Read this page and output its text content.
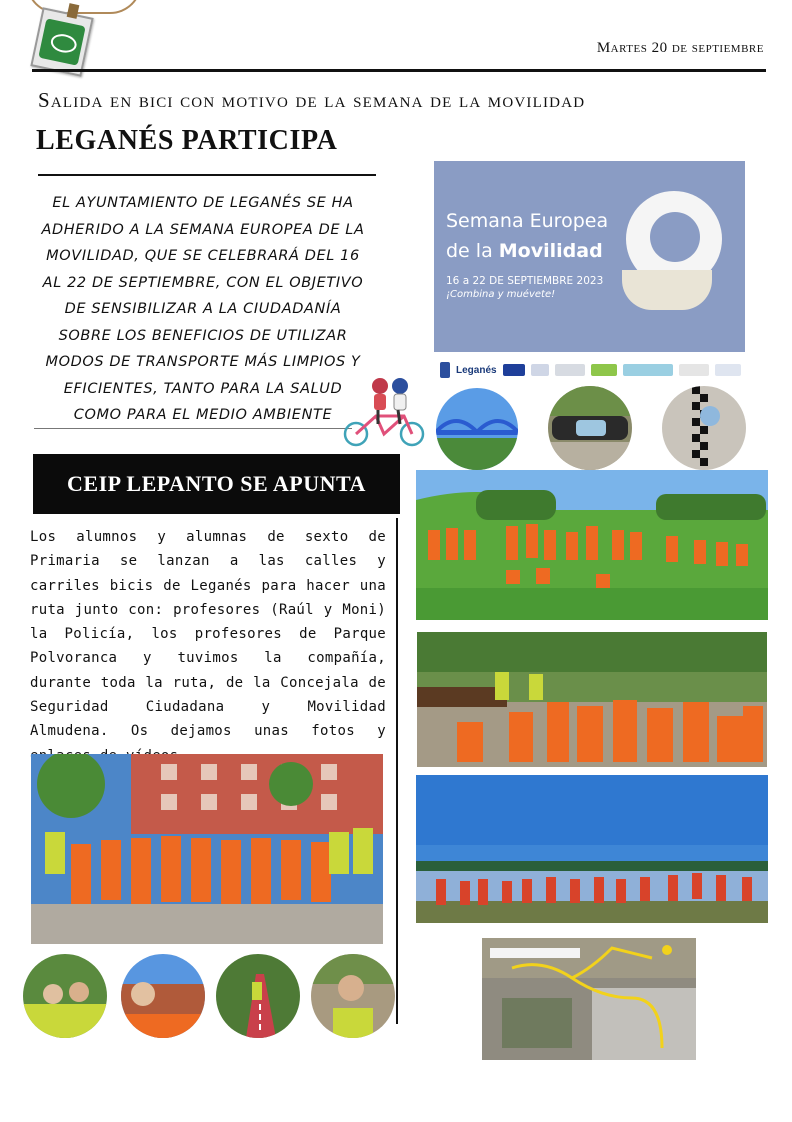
Martes 20 de septiembre
Salida en bici con motivo de la semana de la movilidad
LEGANÉS PARTICIPA
EL AYUNTAMIENTO DE LEGANÉS SE HA ADHERIDO A LA SEMANA EUROPEA DE LA MOVILIDAD, QUE SE CELEBRARÁ DEL 16 AL 22 DE SEPTIEMBRE, CON EL OBJETIVO DE SENSIBILIZAR A LA CIUDADANÍA SOBRE LOS BENEFICIOS DE UTILIZAR MODOS DE TRANSPORTE MÁS LIMPIOS Y EFICIENTES, TANTO PARA LA SALUD COMO PARA EL MEDIO AMBIENTE
Semana Europea
de la Movilidad
16 a 22 DE SEPTIEMBRE 2023
¡Combina y muévete!
Leganés
CEIP LEPANTO SE APUNTA
Los alumnos y alumnas de sexto de Primaria se lanzan a las calles y carriles bicis de Leganés para hacer una ruta junto con: profesores (Raúl y Moni) la Policía, los profesores de Parque Polvoranca y tuvimos la compañía, durante toda la ruta, de la Concejala de Seguridad Ciudadana y Movilidad Almudena. Os dejamos unas fotos y
